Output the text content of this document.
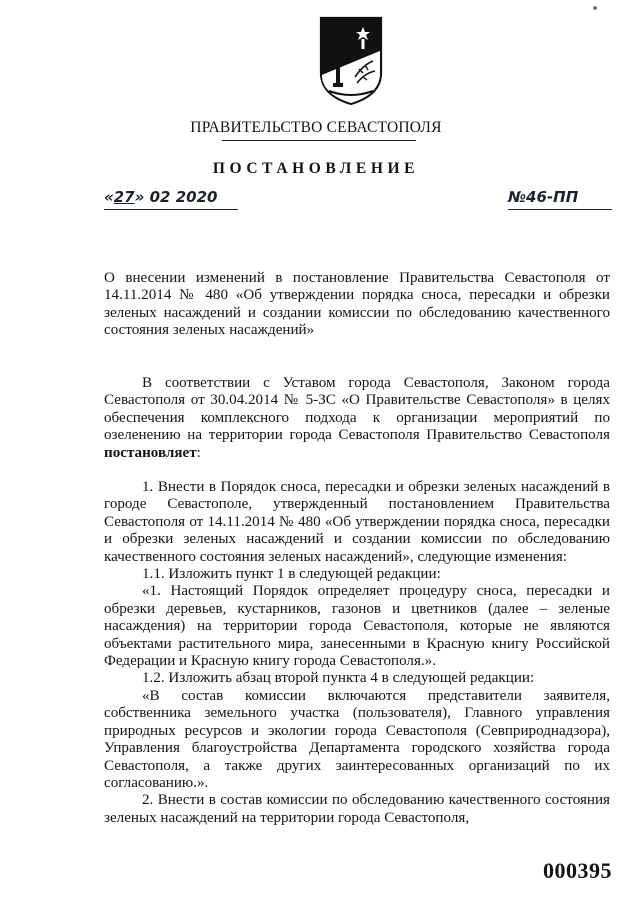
ПРАВИТЕЛЬСТВО СЕВАСТОПОЛЯ
ПОСТАНОВЛЕНИЕ
«27» 02 2020	№46-ПП

О внесении изменений в постановление Правительства Севастополя от 14.11.2014 № 480 «Об утверждении порядка сноса, пересадки и обрезки зеленых насаждений и создании комиссии по обследованию качественного состояния зеленых насаждений»

В соответствии с Уставом города Севастополя, Законом города Севастополя от 30.04.2014 № 5-ЗС «О Правительстве Севастополя» в целях обеспечения комплексного подхода к организации мероприятий по озеленению на территории города Севастополя Правительство Севастополя постановляет:

1. Внести в Порядок сноса, пересадки и обрезки зеленых насаждений в городе Севастополе, утвержденный постановлением Правительства Севастополя от 14.11.2014 № 480 «Об утверждении порядка сноса, пересадки и обрезки зеленых насаждений и создании комиссии по обследованию качественного состояния зеленых насаждений», следующие изменения:

1.1. Изложить пункт 1 в следующей редакции:

«1. Настоящий Порядок определяет процедуру сноса, пересадки и обрезки деревьев, кустарников, газонов и цветников (далее – зеленые насаждения) на территории города Севастополя, которые не являются объектами растительного мира, занесенными в Красную книгу Российской Федерации и Красную книгу города Севастополя.».

1.2. Изложить абзац второй пункта 4 в следующей редакции:

«В состав комиссии включаются представители заявителя, собственника земельного участка (пользователя), Главного управления природных ресурсов и экологии города Севастополя (Севприроднадзора), Управления благоустройства Департамента городского хозяйства города Севастополя, а также других заинтересованных организаций по их согласованию.».

2. Внести в состав комиссии по обследованию качественного состояния зеленых насаждений на территории города Севастополя,

000395
